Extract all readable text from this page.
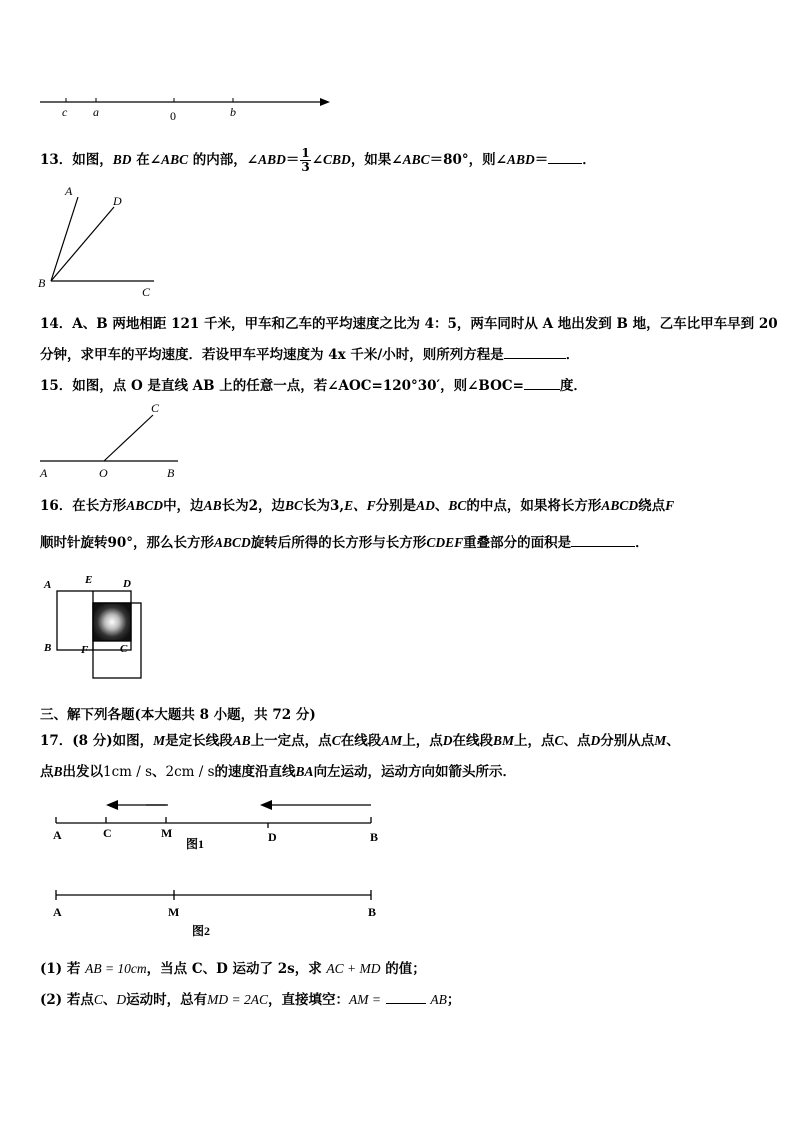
c a	0	b
13．如图，BD 在∠ABC 的内部，∠ABD＝ $\frac{1}{3}$ ∠CBD，如果∠ABC＝80°，则∠ABD＝	．
A
D
B
C
14．A、B 两地相距 121 千米，甲车和乙车的平均速度之比为 4：5，两车同时从 A 地出发到 B 地，乙车比甲车早到 20
分钟，求甲车的平均速度．若设甲车平均速度为 4x 千米/小时，则所列方程是	．
15．如图，点 O 是直线 AB 上的任意一点，若∠AOC=120°30′，则∠BOC=	度．
C
A	O	B
16．在长方形ABCD中，边AB长为2，边BC长为3,E、F分别是AD、BC的中点，如果将长方形ABCD绕点F
顺时针旋转90°，那么长方形ABCD旋转后所得的长方形与长方形CDEF重叠部分的面积是	．
A	E	D
B	F	C
三、解下列各题(本大题共 8 小题，共 72 分)
17．(8 分)如图，M是定长线段AB上一定点，点C在线段AM上，点D在线段BM上，点C、点D分别从点M、
点B出发以1cm / s、2cm / s的速度沿直线BA向左运动，运动方向如箭头所示．
A	C	M	D	B
图1
A	M	B
图2
(1) 若 AB = 10cm，当点 C、D 运动了 2s，求 AC + MD 的值；
(2) 若点C、D运动时，总有MD = 2AC，直接填空：AM =	AB；
